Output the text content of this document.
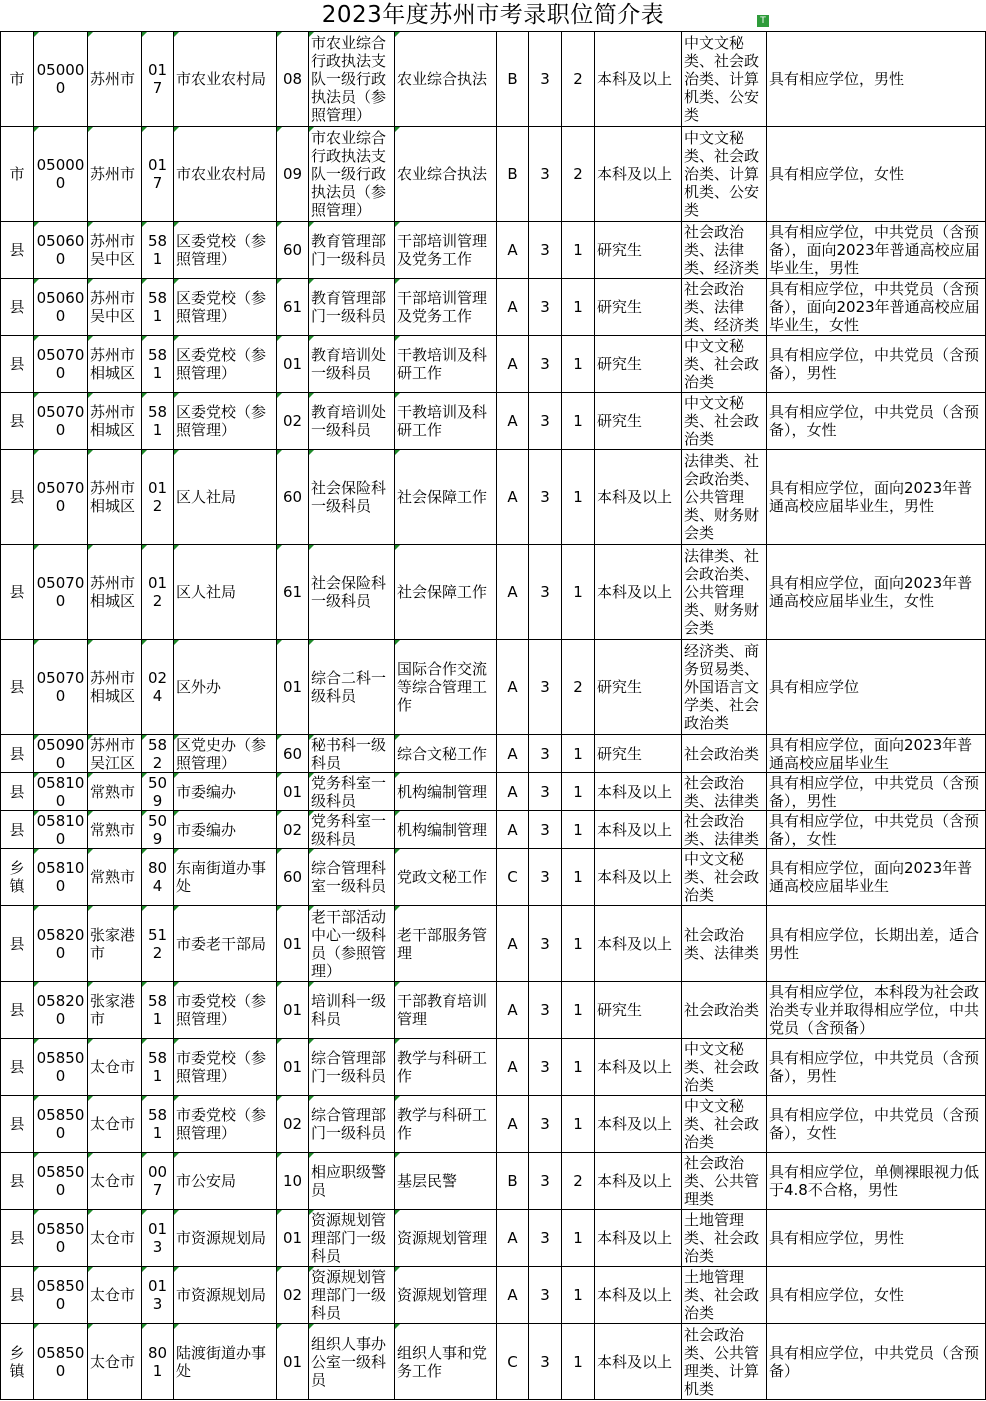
2023年度苏州市考录职位简介表	T
市	050000	苏州市	017	市农业农村局	08	市农业综合行政执法支队一级行政执法员（参照管理）	农业综合执法	B	3	2	本科及以上	中文文秘类、社会政治类、计算机类、公安类	具有相应学位，男性
市	050000	苏州市	017	市农业农村局	09	市农业综合行政执法支队一级行政执法员（参照管理）	农业综合执法	B	3	2	本科及以上	中文文秘类、社会政治类、计算机类、公安类	具有相应学位，女性
县	050600	苏州市吴中区	581	区委党校（参照管理）	60	教育管理部门一级科员	干部培训管理及党务工作	A	3	1	研究生	社会政治类、法律类、经济类	具有相应学位，中共党员（含预备），面向2023年普通高校应届毕业生，男性
县	050600	苏州市吴中区	581	区委党校（参照管理）	61	教育管理部门一级科员	干部培训管理及党务工作	A	3	1	研究生	社会政治类、法律类、经济类	具有相应学位，中共党员（含预备），面向2023年普通高校应届毕业生，女性
县	050700	苏州市相城区	581	区委党校（参照管理）	01	教育培训处一级科员	干教培训及科研工作	A	3	1	研究生	中文文秘类、社会政治类	具有相应学位，中共党员（含预备），男性
县	050700	苏州市相城区	581	区委党校（参照管理）	02	教育培训处一级科员	干教培训及科研工作	A	3	1	研究生	中文文秘类、社会政治类	具有相应学位，中共党员（含预备），女性
县	050700	苏州市相城区	012	区人社局	60	社会保险科一级科员	社会保障工作	A	3	1	本科及以上	法律类、社会政治类、公共管理类、财务财会类	具有相应学位，面向2023年普通高校应届毕业生，男性
县	050700	苏州市相城区	012	区人社局	61	社会保险科一级科员	社会保障工作	A	3	1	本科及以上	法律类、社会政治类、公共管理类、财务财会类	具有相应学位，面向2023年普通高校应届毕业生，女性
县	050700	苏州市相城区	024	区外办	01	综合二科一级科员	国际合作交流等综合管理工作	A	3	2	研究生	经济类、商务贸易类、外国语言文学类、社会政治类	具有相应学位
县	050900	苏州市吴江区	582	区党史办（参照管理）	60	秘书科一级科员	综合文秘工作	A	3	1	研究生	社会政治类	具有相应学位，面向2023年普通高校应届毕业生
县	058100	常熟市	509	市委编办	01	党务科室一级科员	机构编制管理	A	3	1	本科及以上	社会政治类、法律类	具有相应学位，中共党员（含预备），男性
县	058100	常熟市	509	市委编办	02	党务科室一级科员	机构编制管理	A	3	1	本科及以上	社会政治类、法律类	具有相应学位，中共党员（含预备），女性
乡镇	058100	常熟市	804	东南街道办事处	60	综合管理科室一级科员	党政文秘工作	C	3	1	本科及以上	中文文秘类、社会政治类	具有相应学位，面向2023年普通高校应届毕业生
县	058200	张家港市	512	市委老干部局	01	老干部活动中心一级科员（参照管理）	老干部服务管理	A	3	1	本科及以上	社会政治类、法律类	具有相应学位，长期出差，适合男性
县	058200	张家港市	581	市委党校（参照管理）	01	培训科一级科员	干部教育培训管理	A	3	1	研究生	社会政治类	具有相应学位，本科段为社会政治类专业并取得相应学位，中共党员（含预备）
县	058500	太仓市	581	市委党校（参照管理）	01	综合管理部门一级科员	教学与科研工作	A	3	1	本科及以上	中文文秘类、社会政治类	具有相应学位，中共党员（含预备），男性
县	058500	太仓市	581	市委党校（参照管理）	02	综合管理部门一级科员	教学与科研工作	A	3	1	本科及以上	中文文秘类、社会政治类	具有相应学位，中共党员（含预备），女性
县	058500	太仓市	007	市公安局	10	相应职级警员	基层民警	B	3	2	本科及以上	社会政治类、公共管理类	具有相应学位，单侧裸眼视力低于4.8不合格，男性
县	058500	太仓市	013	市资源规划局	01	资源规划管理部门一级科员	资源规划管理	A	3	1	本科及以上	土地管理类、社会政治类	具有相应学位，男性
县	058500	太仓市	013	市资源规划局	02	资源规划管理部门一级科员	资源规划管理	A	3	1	本科及以上	土地管理类、社会政治类	具有相应学位，女性
乡镇	058500	太仓市	801	陆渡街道办事处	01	组织人事办公室一级科员	组织人事和党务工作	C	3	1	本科及以上	社会政治类、公共管理类、计算机类	具有相应学位，中共党员（含预备）
